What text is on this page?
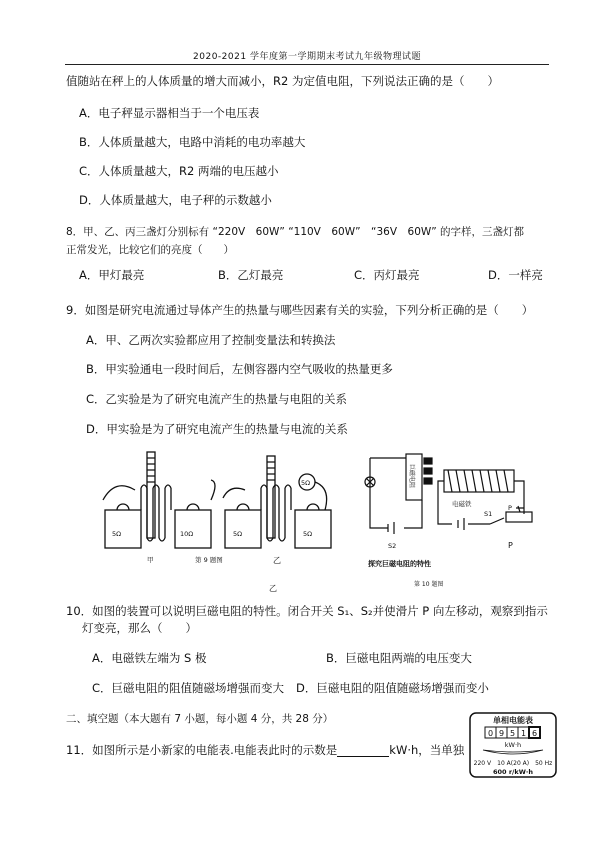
2020-2021 学年度第一学期期末考试九年级物理试题
值随站在秤上的人体质量的增大而减小，R2 为定值电阻，下列说法正确的是（　　）
A．电子秤显示器相当于一个电压表
B．人体质量越大，电路中消耗的电功率越大
C．人体质量越大，R2 两端的电压越小
D．人体质量越大，电子秤的示数越小
8．甲、乙、丙三盏灯分别标有 “220V　60W” “110V　60W”　“36V　60W” 的字样，三盏灯都
正常发光，比较它们的亮度（　　）
A．甲灯最亮	B．乙灯最亮	C．丙灯最亮	D．一样亮
9．如图是研究电流通过导体产生的热量与哪些因素有关的实验，下列分析正确的是（　　）
A．甲、乙两次实验都应用了控制变量法和转换法
B．甲实验通电一段时间后，左侧容器内空气吸收的热量更多
C．乙实验是为了研究电流产生的热量与电阻的关系
D．甲实验是为了研究电流产生的热量与电流的关系
5Ω	10Ω	5Ω
5Ω
5Ω
甲	第 9 题图	乙
乙
巨磁电阻
电磁铁
S2
S1
P
P
探究巨磁电阻的特性
第 10 题图
10．如图的装置可以说明巨磁电阻的特性。闭合开关 S₁、S₂并使滑片 P 向左移动，观察到指示
灯变亮，那么（　　）
A．电磁铁左端为 S 极	B．巨磁电阻两端的电压变大
C．巨磁电阻的阻值随磁场增强而变大 D．巨磁电阻的阻值随磁场增强而变小
二、填空题（本大题有 7 小题，每小题 4 分，共 28 分）
11．如图所示是小新家的电能表.电能表此时的示数是	kW·h，当单独
单相电能表
0 9 5 1 6
kW·h
220 V　10 A(20 A)　50 Hz
600 r/kW·h
